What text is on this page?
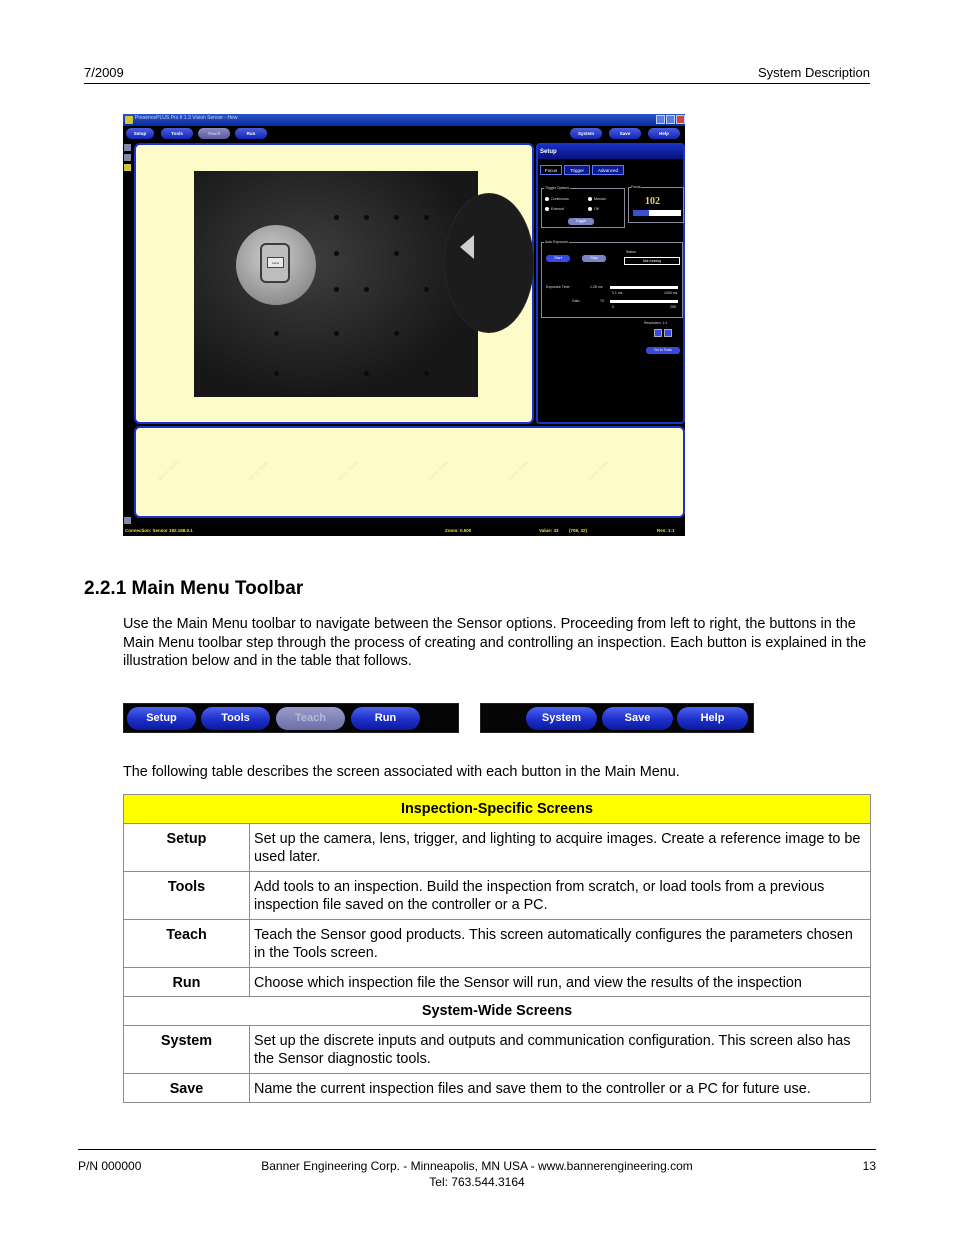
7/2009	System Description
PresencePLUS Pro II 1.3 Vision Sensor - Hew
Setup	Tools	Teach	Run	System	Save	Help
Label
Setup
Focus	Trigger	Advanced
Trigger Options
Continuous	Manual
External	Off
Trigger
Focus
102
Auto Exposure
Start	Stop
Status
Exposure Time:	1.28 ms
0.1 ms	1000 ms
Gain:	70
0	255
Not running
Resolution: 1:1
Go to Tools
Go to Tools	Go to Tools	Go to Tools	Go to Tools	Go to Tools	Go to Tools
Connection: Sensor 192.168.0.1	Zoom: 0.500	Value: 43 (708, 32)	Res: 1:1
2.2.1 Main Menu Toolbar
Use the Main Menu toolbar to navigate between the Sensor options. Proceeding from left to right, the buttons in the Main Menu toolbar step through the process of creating and controlling an inspection. Each button is explained in the illustration below and in the table that follows.
Setup	Tools	Teach	Run	System	Save	Help
The following table describes the screen associated with each button in the Main Menu.
Inspection-Specific Screens	
Setup	Set up the camera, lens, trigger, and lighting to acquire images. Create a reference image to be used later.
Tools	Add tools to an inspection. Build the inspection from scratch, or load tools from a previous inspection file saved on the controller or a PC.
Teach	Teach the Sensor good products. This screen automatically configures the parameters chosen in the Tools screen.
Run	Choose which inspection file the Sensor will run, and view the results of the inspection
System-Wide Screens	
System	Set up the discrete inputs and outputs and communication configuration. This screen also has the Sensor diagnostic tools.
Save	Name the current inspection files and save them to the controller or a PC for future use.
P/N 000000	Banner Engineering Corp. - Minneapolis, MN USA - www.bannerengineering.com
Tel: 763.544.3164
13
